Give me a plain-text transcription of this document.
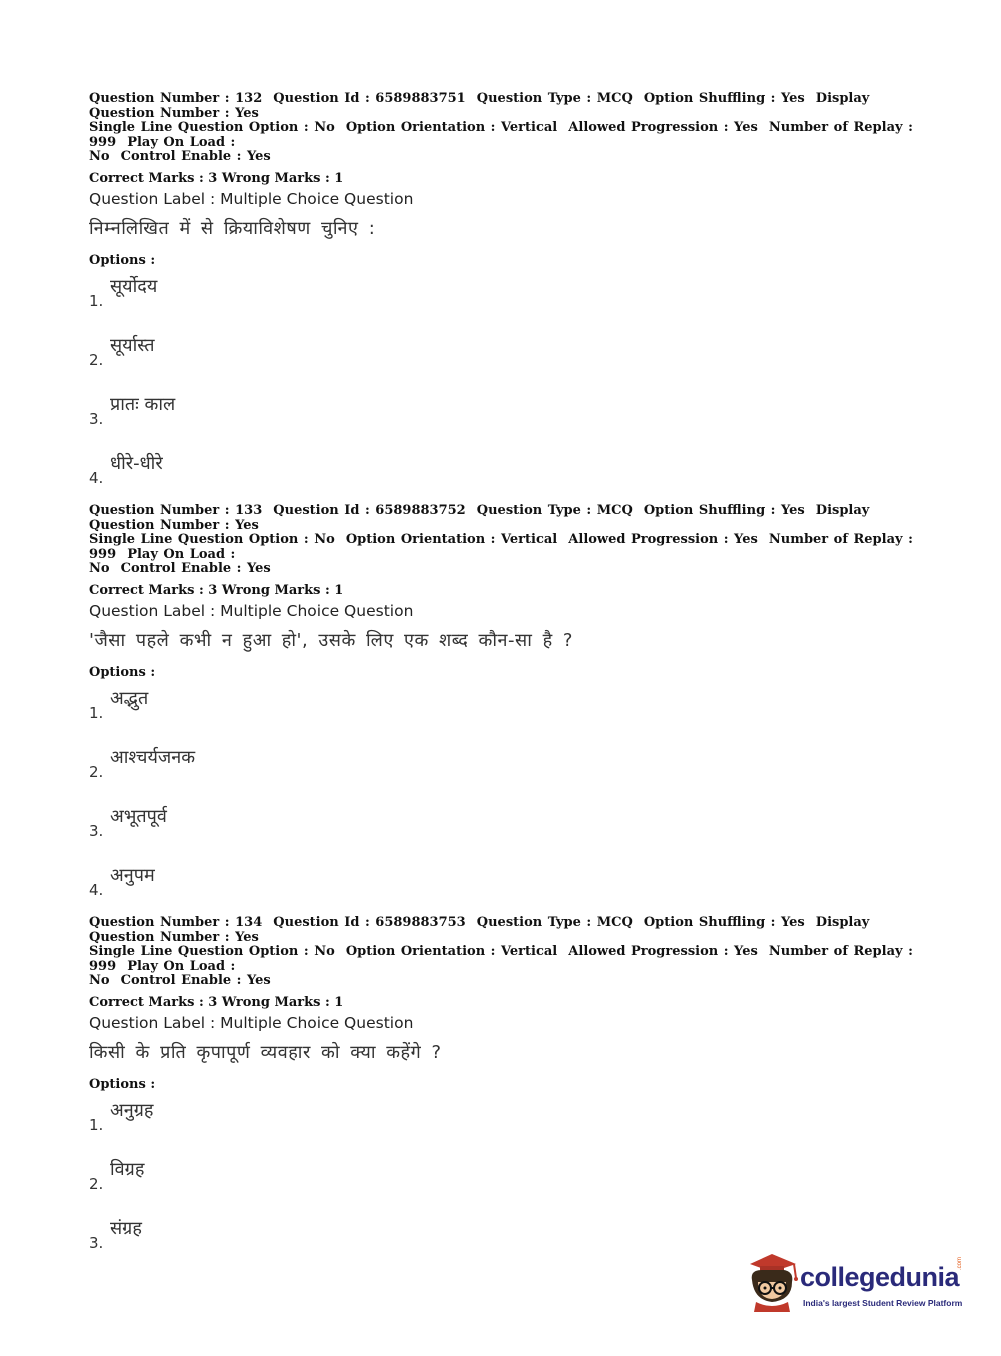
Question Number : 132  Question Id : 6589883751  Question Type : MCQ  Option Shuffling : Yes  Display Question Number : Yes
Single Line Question Option : No  Option Orientation : Vertical  Allowed Progression : Yes  Number of Replay : 999  Play On Load :
No  Control Enable : Yes
Correct Marks : 3 Wrong Marks : 1
Question Label : Multiple Choice Question
निम्नलिखित में से क्रियाविशेषण चुनिए :
Options :
1.
सूर्योदय
2.
सूर्यास्त
3.
प्रातः काल
4.
धीरे-धीरे
Question Number : 133  Question Id : 6589883752  Question Type : MCQ  Option Shuffling : Yes  Display Question Number : Yes
Single Line Question Option : No  Option Orientation : Vertical  Allowed Progression : Yes  Number of Replay : 999  Play On Load :
No  Control Enable : Yes
Correct Marks : 3 Wrong Marks : 1
Question Label : Multiple Choice Question
'जैसा पहले कभी न हुआ हो', उसके लिए एक शब्द कौन-सा है ?
Options :
1.
अद्भुत
2.
आश्चर्यजनक
3.
अभूतपूर्व
4.
अनुपम
Question Number : 134  Question Id : 6589883753  Question Type : MCQ  Option Shuffling : Yes  Display Question Number : Yes
Single Line Question Option : No  Option Orientation : Vertical  Allowed Progression : Yes  Number of Replay : 999  Play On Load :
No  Control Enable : Yes
Correct Marks : 3 Wrong Marks : 1
Question Label : Multiple Choice Question
किसी के प्रति कृपापूर्ण व्यवहार को क्या कहेंगे ?
Options :
1.
अनुग्रह
2.
विग्रह
3.
संग्रह
collegedunia
.com
India's largest Student Review Platform
